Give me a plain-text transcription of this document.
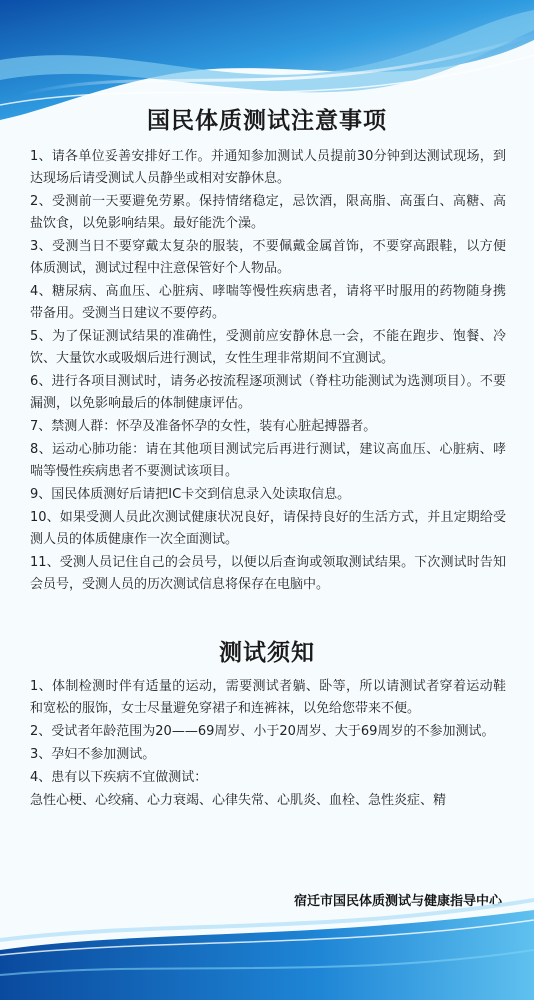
国民体质测试注意事项

1、请各单位妥善安排好工作。并通知参加测试人员提前30分钟到达测试现场，到达现场后请受测试人员静坐或相对安静休息。

2、受测前一天要避免劳累。保持情绪稳定，忌饮酒，限高脂、高蛋白、高糖、高盐饮食，以免影响结果。最好能洗个澡。

3、受测当日不要穿戴太复杂的服装，不要佩戴金属首饰，不要穿高跟鞋，以方便体质测试，测试过程中注意保管好个人物品。

4、糖尿病、高血压、心脏病、哮喘等慢性疾病患者，请将平时服用的药物随身携带备用。受测当日建议不要停药。

5、为了保证测试结果的准确性，受测前应安静休息一会，不能在跑步、饱餐、冷饮、大量饮水或吸烟后进行测试，女性生理非常期间不宜测试。

6、进行各项目测试时，请务必按流程逐项测试（脊柱功能测试为选测项目）。不要漏测，以免影响最后的体制健康评估。

7、禁测人群：怀孕及准备怀孕的女性，装有心脏起搏器者。

8、运动心肺功能：请在其他项目测试完后再进行测试，建议高血压、心脏病、哮喘等慢性疾病患者不要测试该项目。

9、国民体质测好后请把IC卡交到信息录入处读取信息。

10、如果受测人员此次测试健康状况良好，请保持良好的生活方式，并且定期给受测人员的体质健康作一次全面测试。

11、受测人员记住自己的会员号，以便以后查询或领取测试结果。下次测试时告知会员号，受测人员的历次测试信息将保存在电脑中。

测试须知

1、体制检测时伴有适量的运动，需要测试者躺、卧等，所以请测试者穿着运动鞋和宽松的服饰，女士尽量避免穿裙子和连裤袜，以免给您带来不便。

2、受试者年龄范围为20——69周岁、小于20周岁、大于69周岁的不参加测试。

3、孕妇不参加测试。

4、患有以下疾病不宜做测试：

急性心梗、心绞痛、心力衰竭、心律失常、心肌炎、血栓、急性炎症、精

宿迁市国民体质测试与健康指导中心
